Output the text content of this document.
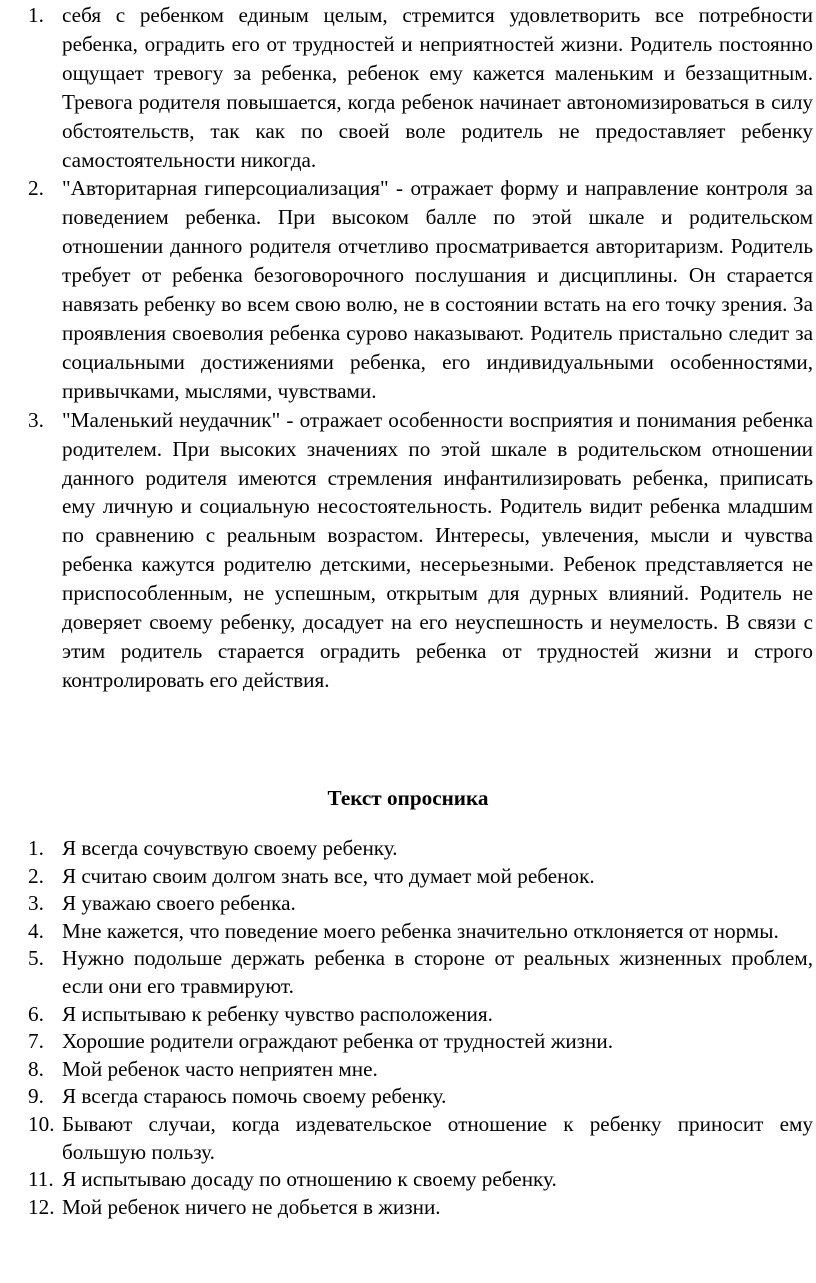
1. себя с ребенком единым целым, стремится удовлетворить все потребности ребенка, оградить его от трудностей и неприятностей жизни. Родитель постоянно ощущает тревогу за ребенка, ребенок ему кажется маленьким и беззащитным. Тревога родителя повышается, когда ребенок начинает автономизироваться в силу обстоятельств, так как по своей воле родитель не предоставляет ребенку самостоятельности никогда.
2. "Авторитарная гиперсоциализация" - отражает форму и направление контроля за поведением ребенка. При высоком балле по этой шкале и родительском отношении данного родителя отчетливо просматривается авторитаризм. Родитель требует от ребенка безоговорочного послушания и дисциплины. Он старается навязать ребенку во всем свою волю, не в состоянии встать на его точку зрения. За проявления своеволия ребенка сурово наказывают. Родитель пристально следит за социальными достижениями ребенка, его индивидуальными особенностями, привычками, мыслями, чувствами.
3. "Маленький неудачник" - отражает особенности восприятия и понимания ребенка родителем. При высоких значениях по этой шкале в родительском отношении данного родителя имеются стремления инфантилизировать ребенка, приписать ему личную и социальную несостоятельность. Родитель видит ребенка младшим по сравнению с реальным возрастом. Интересы, увлечения, мысли и чувства ребенка кажутся родителю детскими, несерьезными. Ребенок представляется не приспособленным, не успешным, открытым для дурных влияний. Родитель не доверяет своему ребенку, досадует на его неуспешность и неумелость. В связи с этим родитель старается оградить ребенка от трудностей жизни и строго контролировать его действия.
Текст опросника
1. Я всегда сочувствую своему ребенку.
2. Я считаю своим долгом знать все, что думает мой ребенок.
3. Я уважаю своего ребенка.
4. Мне кажется, что поведение моего ребенка значительно отклоняется от нормы.
5. Нужно подольше держать ребенка в стороне от реальных жизненных проблем, если они его травмируют.
6. Я испытываю к ребенку чувство расположения.
7. Хорошие родители ограждают ребенка от трудностей жизни.
8. Мой ребенок часто неприятен мне.
9. Я всегда стараюсь помочь своему ребенку.
10. Бывают случаи, когда издевательское отношение к ребенку приносит ему большую пользу.
11. Я испытываю досаду по отношению к своему ребенку.
12. Мой ребенок ничего не добьется в жизни.
